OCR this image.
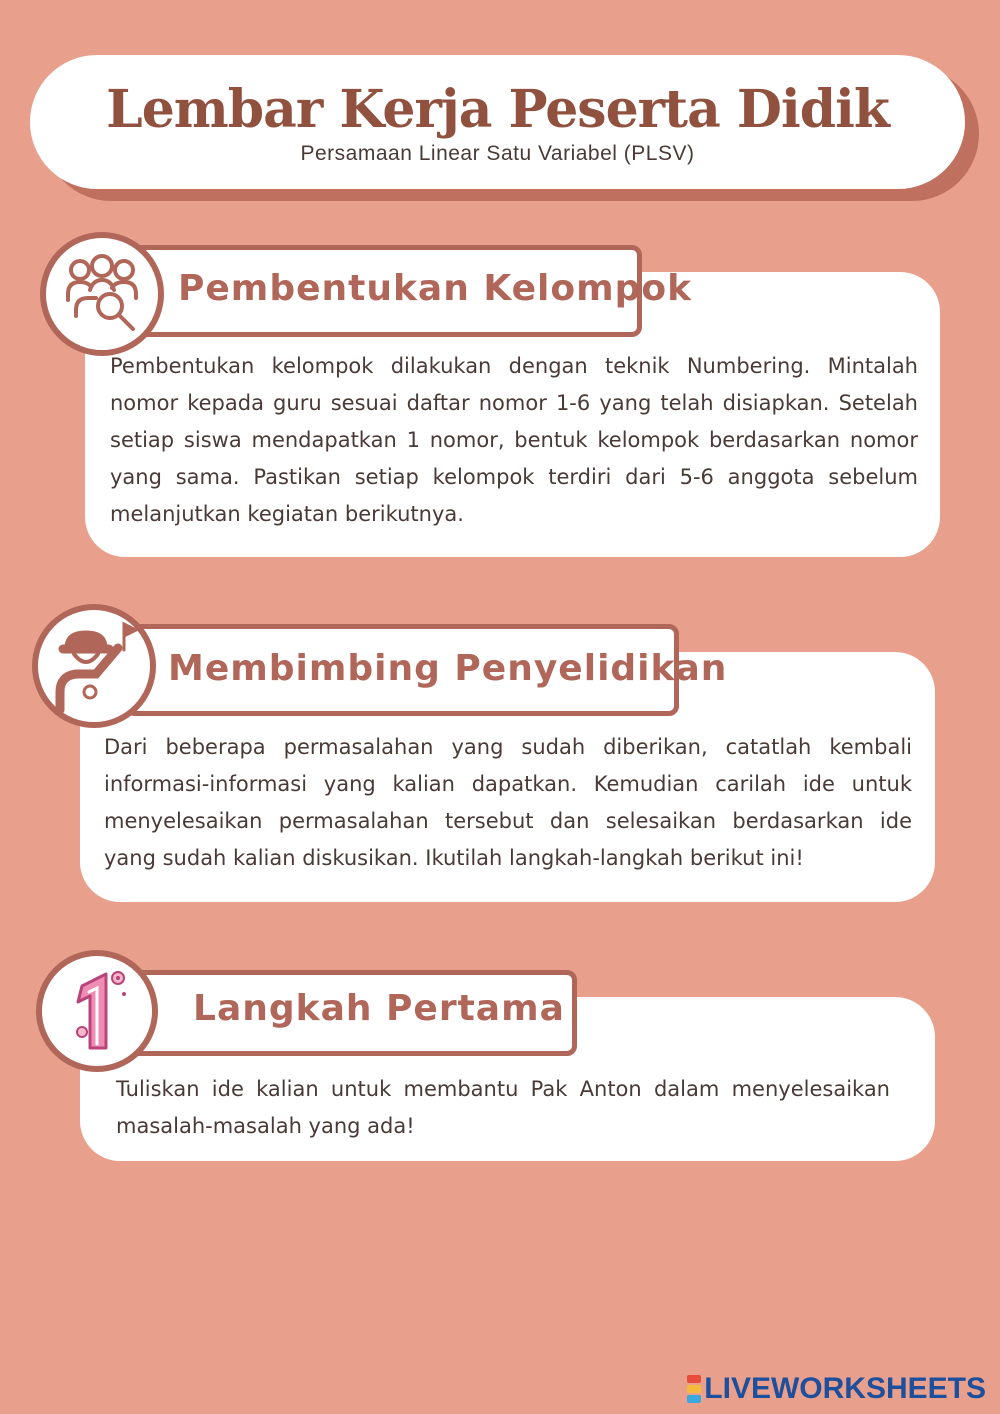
Lembar Kerja Peserta Didik
Persamaan Linear Satu Variabel (PLSV)
Pembentukan kelompok dilakukan dengan teknik Numbering. Mintalah nomor kepada guru sesuai daftar nomor 1-6 yang telah disiapkan. Setelah setiap siswa mendapatkan 1 nomor, bentuk kelompok berdasarkan nomor yang sama. Pastikan setiap kelompok terdiri dari 5-6 anggota sebelum melanjutkan kegiatan berikutnya.
Pembentukan Kelompok
Dari beberapa permasalahan yang sudah diberikan, catatlah kembali informasi-informasi yang kalian dapatkan. Kemudian carilah ide untuk menyelesaikan permasalahan tersebut dan selesaikan berdasarkan ide yang sudah kalian diskusikan. Ikutilah langkah-langkah berikut ini!
Membimbing Penyelidikan
Tuliskan ide kalian untuk membantu Pak Anton dalam menyelesaikan masalah-masalah yang ada!
Langkah Pertama
LIVEWORKSHEETS
